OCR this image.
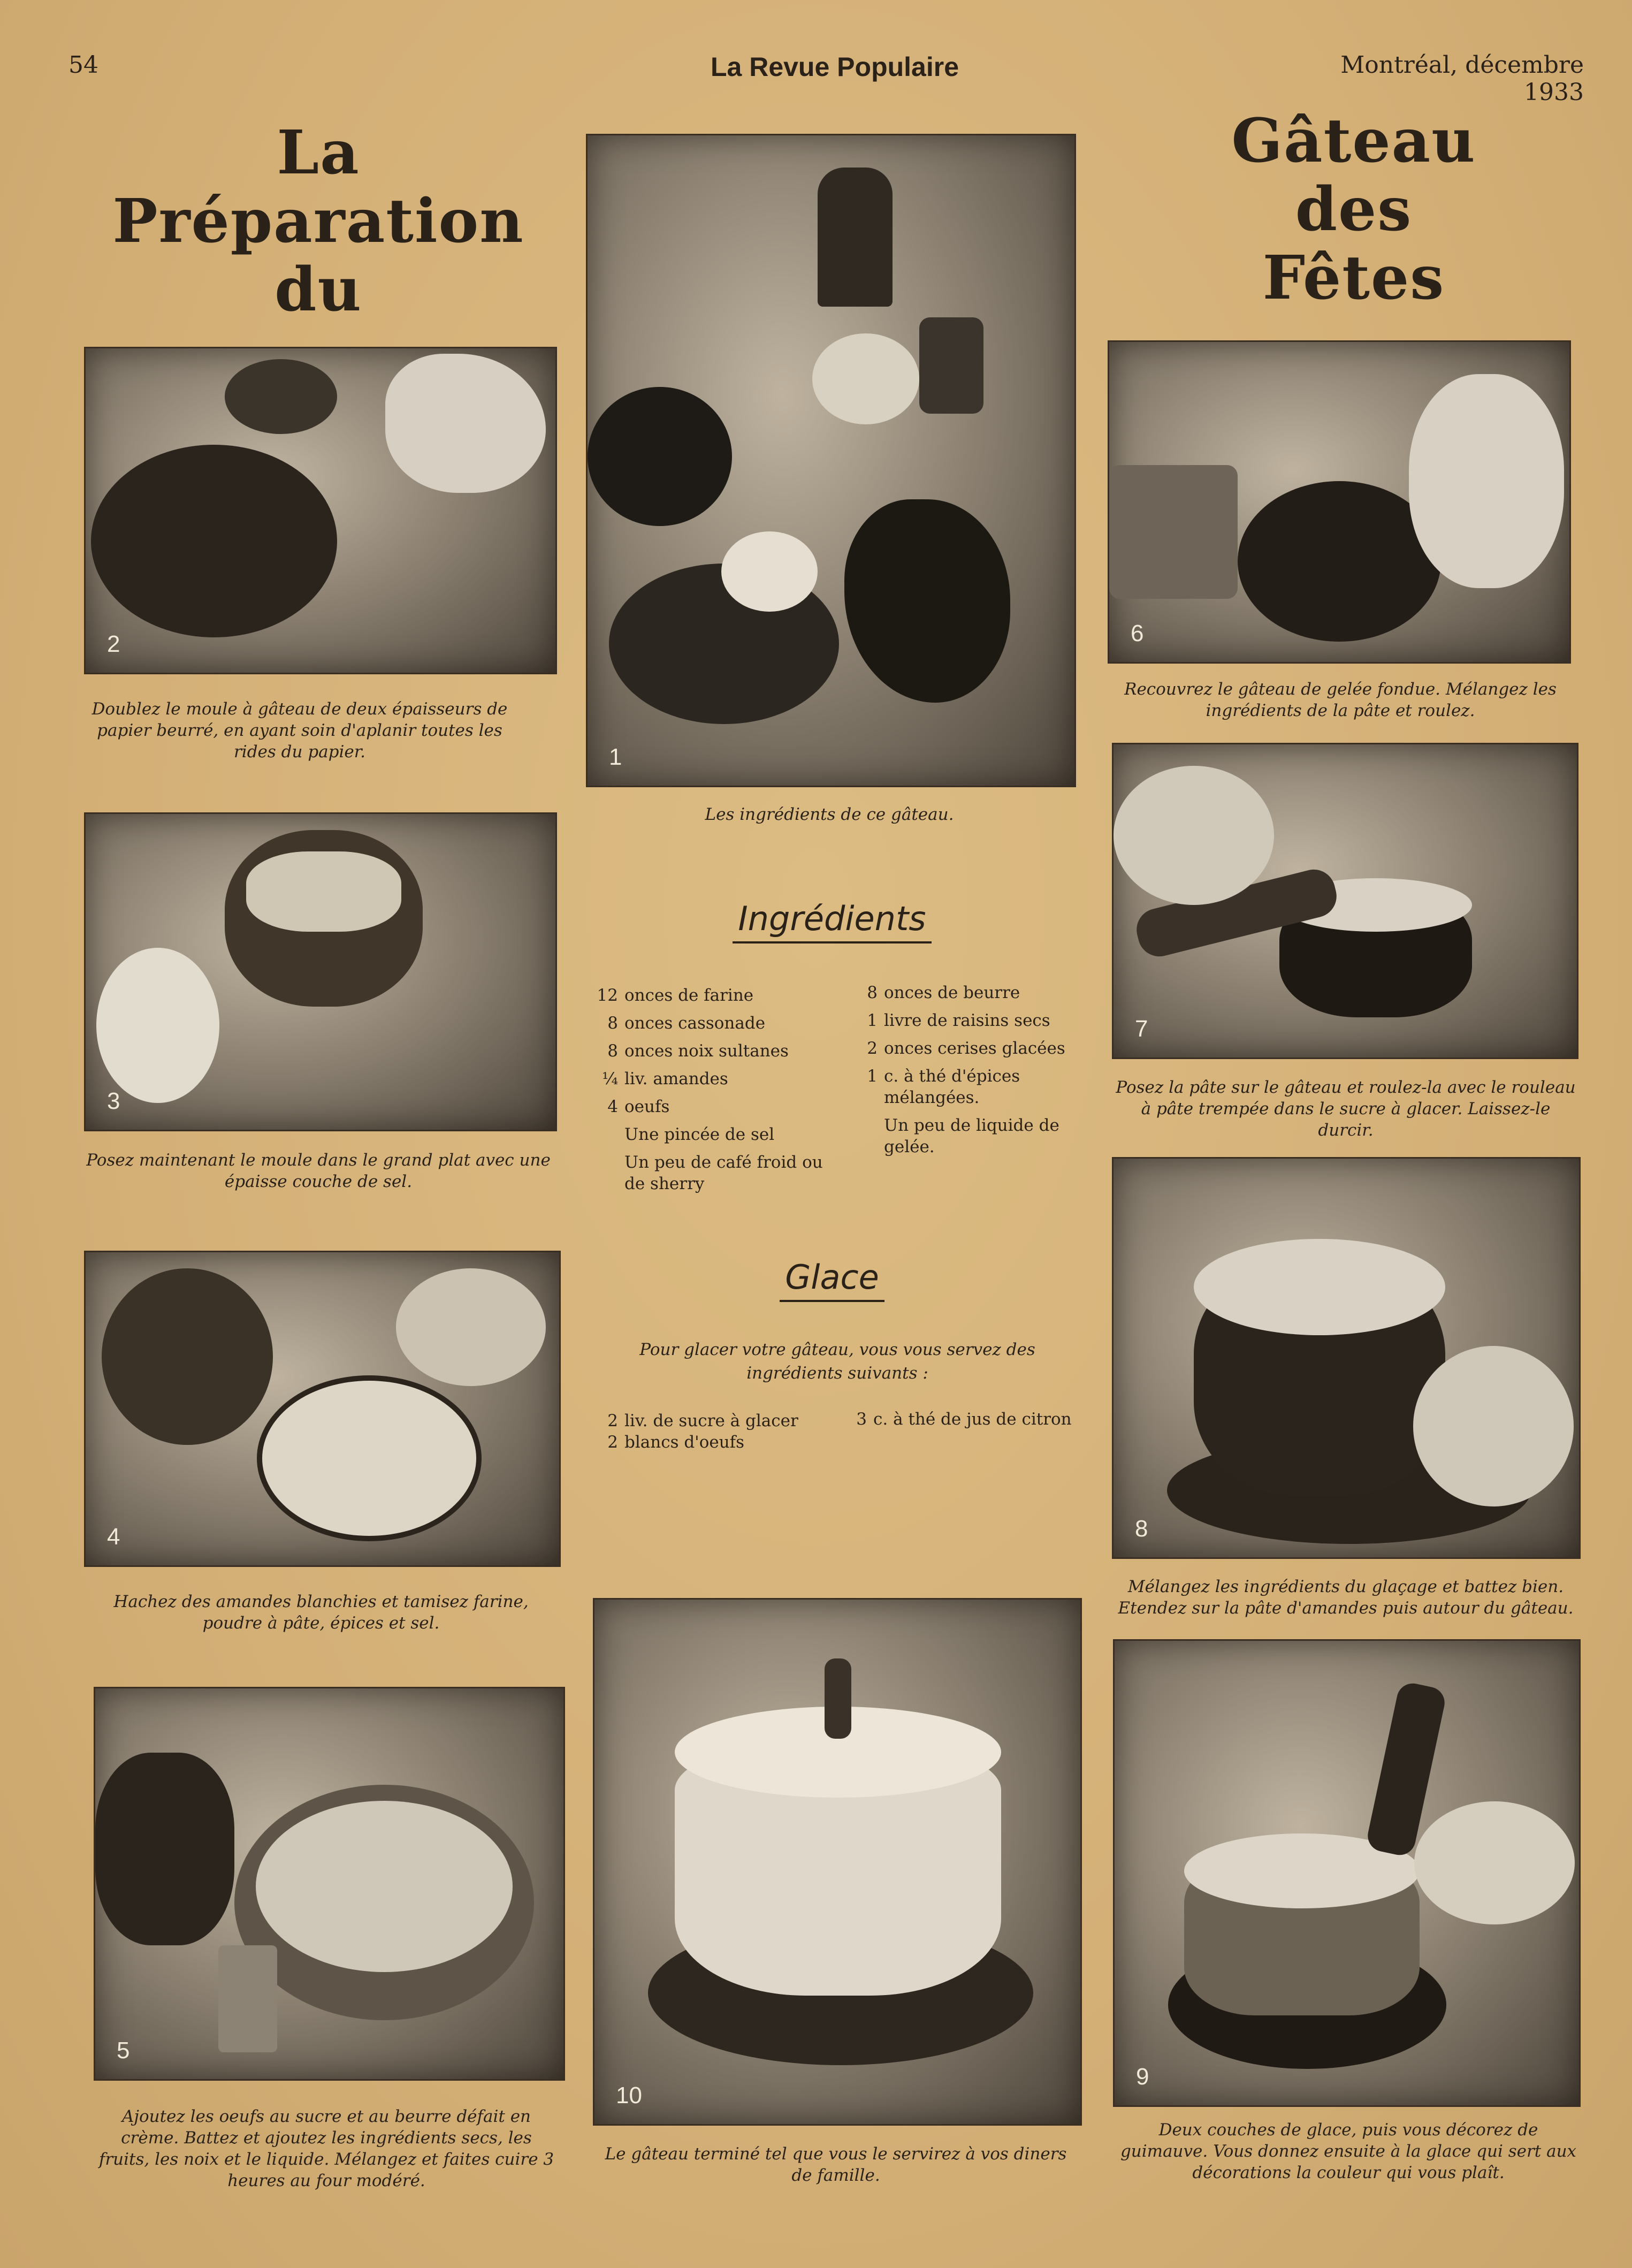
54	La Revue Populaire	Montréal, décembre 1933
La
Préparation
du
Gâteau
des
Fêtes
1
Les ingrédients de ce gâteau.
2
Doublez le moule à gâteau de deux épaisseurs de papier beurré, en ayant soin d'aplanir toutes les rides du papier.
3
Posez maintenant le moule dans le grand plat avec une épaisse couche de sel.
4
Hachez des amandes blanchies et tamisez farine, poudre à pâte, épices et sel.
5
Ajoutez les oeufs au sucre et au beurre défait en crème. Battez et ajoutez les ingrédients secs, les fruits, les noix et le liquide. Mélangez et faites cuire 3 heures au four modéré.
Ingrédients
12 onces de farine
8 onces cassonade
8 onces noix sultanes
¼ liv. amandes
4 oeufs
Une pincée de sel
Un peu de café froid ou de sherry
8 onces de beurre
1 livre de raisins secs
2 onces cerises glacées
1 c. à thé d'épices mélangées.
Un peu de liquide de gelée.
Glace
Pour glacer votre gâteau, vous vous servez des ingrédients suivants :
2 liv. de sucre à glacer
2 blancs d'oeufs
3 c. à thé de jus de citron
10
Le gâteau terminé tel que vous le servirez à vos diners de famille.
6
Recouvrez le gâteau de gelée fondue. Mélangez les ingrédients de la pâte et roulez.
7
Posez la pâte sur le gâteau et roulez-la avec le rouleau à pâte trempée dans le sucre à glacer. Laissez-le durcir.
8
Mélangez les ingrédients du glaçage et battez bien. Etendez sur la pâte d'amandes puis autour du gâteau.
9
Deux couches de glace, puis vous décorez de guimauve. Vous donnez ensuite à la glace qui sert aux décorations la couleur qui vous plaît.
